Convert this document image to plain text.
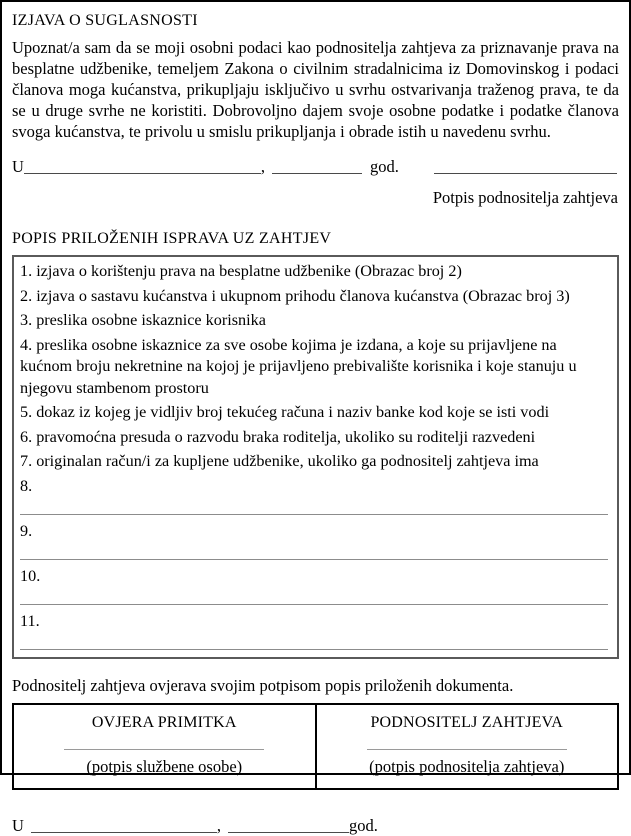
IZJAVA O SUGLASNOSTI
Upoznat/a sam da se moji osobni podaci kao podnositelja zahtjeva za priznavanje prava na besplatne udžbenike, temeljem Zakona o civilnim stradalnicima iz Domovinskog i podaci članova moga kućanstva, prikupljaju isključivo u svrhu ostvarivanja traženog prava, te da se u druge svrhe ne koristiti. Dobrovoljno dajem svoje osobne podatke i podatke članova svoga kućanstva, te privolu u smislu prikupljanja i obrade istih u navedenu svrhu.
U	,	god.
Potpis podnositelja zahtjeva
POPIS PRILOŽENIH ISPRAVA UZ ZAHTJEV
1. izjava o korištenju prava na besplatne udžbenike (Obrazac broj 2)
2. izjava o sastavu kućanstva i ukupnom prihodu članova kućanstva (Obrazac broj 3)
3. preslika osobne iskaznice korisnika
4. preslika osobne iskaznice za sve osobe kojima je izdana, a koje su prijavljene na kućnom broju nekretnine na kojoj je prijavljeno prebivalište korisnika i koje stanuju u njegovu stambenom prostoru
5. dokaz iz kojeg je vidljiv broj tekućeg računa i naziv banke kod koje se isti vodi
6. pravomoćna presuda o razvodu braka roditelja, ukoliko su roditelji razvedeni
7. originalan račun/i za kupljene udžbenike, ukoliko ga podnositelj zahtjeva ima
8.
9.
10.
11.
Podnositelj zahtjeva ovjerava svojim potpisom popis priloženih dokumenta.
OVJERA PRIMITKA
(potpis službene osobe)
PODNOSITELJ ZAHTJEVA
(potpis podnositelja zahtjeva)
U	,	god.
